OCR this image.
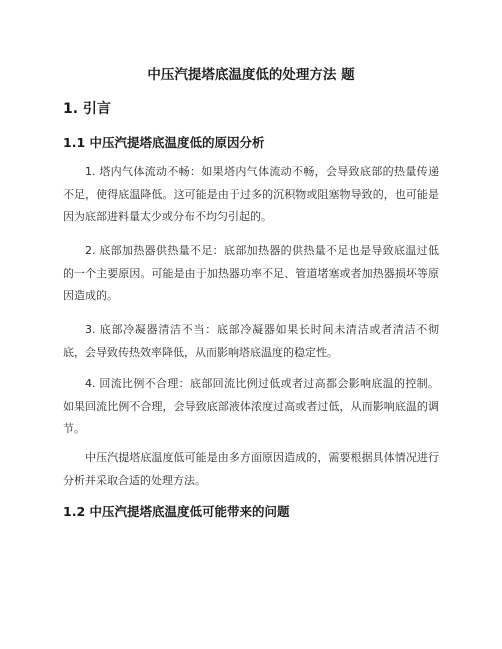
中压汽提塔底温度低的处理方法 题
1. 引言
1.1 中压汽提塔底温度低的原因分析

1. 塔内气体流动不畅：如果塔内气体流动不畅，会导致底部的热量传递不足，使得底温降低。这可能是由于过多的沉积物或阻塞物导致的，也可能是因为底部进料量太少或分布不均匀引起的。

2. 底部加热器供热量不足：底部加热器的供热量不足也是导致底温过低的一个主要原因。可能是由于加热器功率不足、管道堵塞或者加热器损坏等原因造成的。

3. 底部冷凝器清洁不当：底部冷凝器如果长时间未清洁或者清洁不彻底，会导致传热效率降低，从而影响塔底温度的稳定性。

4. 回流比例不合理：底部回流比例过低或者过高都会影响底温的控制。如果回流比例不合理，会导致底部液体浓度过高或者过低，从而影响底温的调节。

中压汽提塔底温度低可能是由多方面原因造成的，需要根据具体情况进行分析并采取合适的处理方法。

1.2 中压汽提塔底温度低可能带来的问题
